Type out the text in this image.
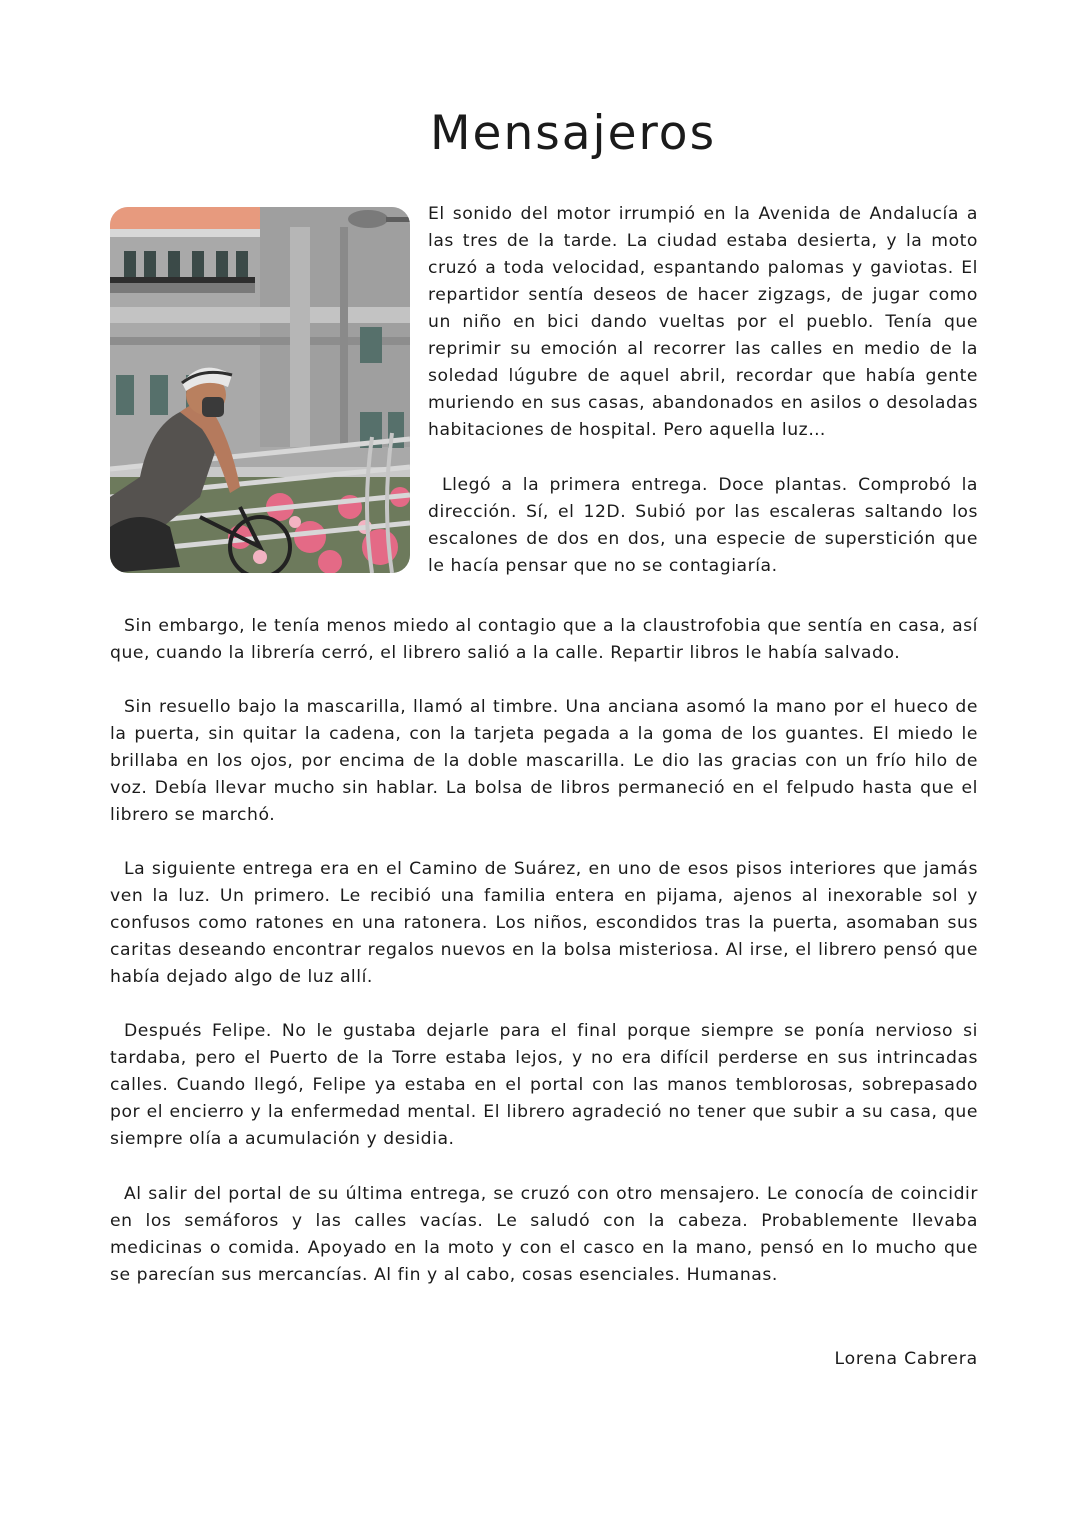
Mensajeros

El sonido del motor irrumpió en la Avenida de Andalucía a las tres de la tarde. La ciudad estaba desierta, y la moto cruzó a toda velocidad, espantando palomas y gaviotas. El repartidor sentía deseos de hacer zigzags, de jugar como un niño en bici dando vueltas por el pueblo. Tenía que reprimir su emoción al recorrer las calles en medio de la soledad lúgubre de aquel abril, recordar que había gente muriendo en sus casas, abandonados en asilos o desoladas habitaciones de hospital. Pero aquella luz…

Llegó a la primera entrega. Doce plantas. Comprobó la dirección. Sí, el 12D. Subió por las escaleras saltando los escalones de dos en dos, una especie de superstición que le hacía pensar que no se contagiaría.

Sin embargo, le tenía menos miedo al contagio que a la claustrofobia que sentía en casa, así que, cuando la librería cerró, el librero salió a la calle. Repartir libros le había salvado.

Sin resuello bajo la mascarilla, llamó al timbre. Una anciana asomó la mano por el hueco de la puerta, sin quitar la cadena, con la tarjeta pegada a la goma de los guantes. El miedo le brillaba en los ojos, por encima de la doble mascarilla. Le dio las gracias con un frío hilo de voz. Debía llevar mucho sin hablar. La bolsa de libros permaneció en el felpudo hasta que el librero se marchó.

La siguiente entrega era en el Camino de Suárez, en uno de esos pisos interiores que jamás ven la luz. Un primero. Le recibió una familia entera en pijama, ajenos al inexorable sol y confusos como ratones en una ratonera. Los niños, escondidos tras la puerta, asomaban sus caritas deseando encontrar regalos nuevos en la bolsa misteriosa. Al irse, el librero pensó que había dejado algo de luz allí.

Después Felipe. No le gustaba dejarle para el final porque siempre se ponía nervioso si tardaba, pero el Puerto de la Torre estaba lejos, y no era difícil perderse en sus intrincadas calles. Cuando llegó, Felipe ya estaba en el portal con las manos temblorosas, sobrepasado por el encierro y la enfermedad mental. El librero agradeció no tener que subir a su casa, que siempre olía a acumulación y desidia.

Al salir del portal de su última entrega, se cruzó con otro mensajero. Le conocía de coincidir en los semáforos y las calles vacías. Le saludó con la cabeza. Probablemente llevaba medicinas o comida. Apoyado en la moto y con el casco en la mano, pensó en lo mucho que se parecían sus mercancías. Al fin y al cabo, cosas esenciales. Humanas.

Lorena Cabrera
